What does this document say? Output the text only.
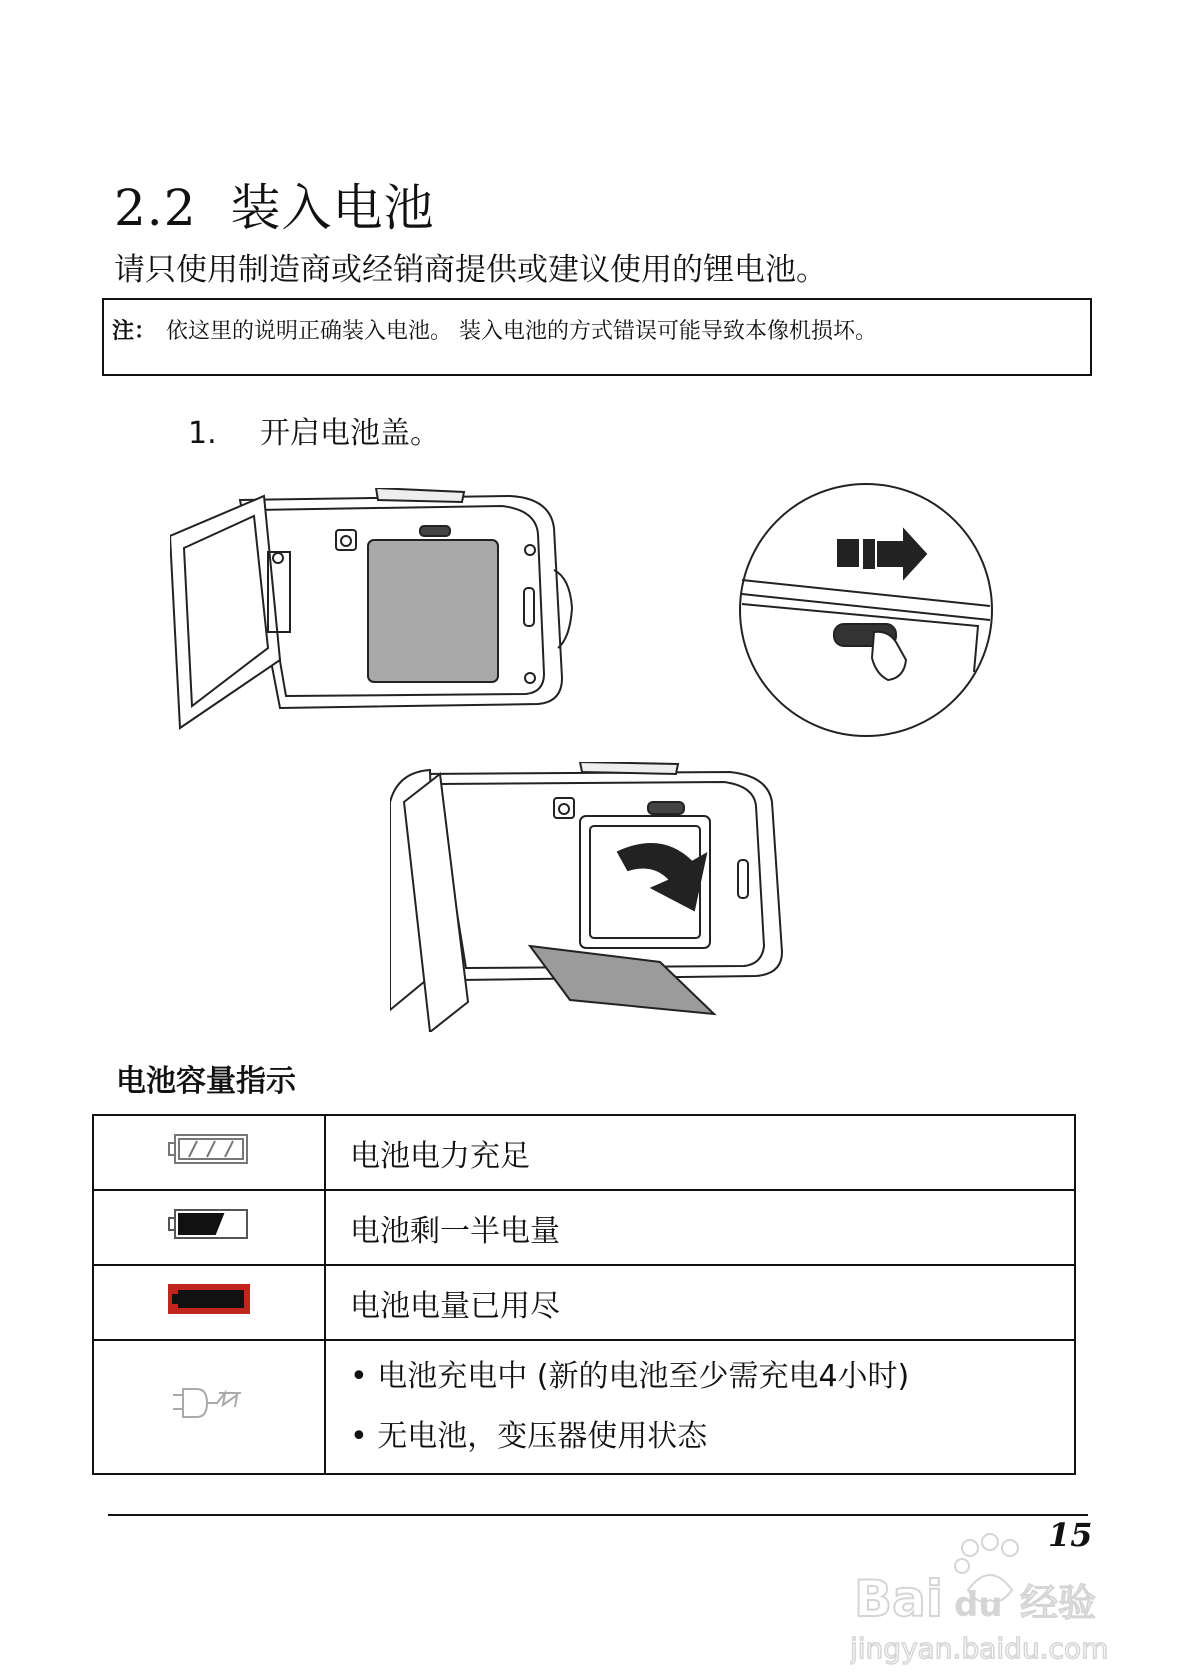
2.2 装入电池
请只使用制造商或经销商提供或建议使用的锂电池。
注： 依这里的说明正确装入电池。 装入电池的方式错误可能导致本像机损坏。
1. 开启电池盖。
电池容量指示
	电池电力充足
	电池剩一半电量
	电池电量已用尽

• 电池充电中 (新的电池至少需充电4小时)
• 无电池，变压器使用状态
15
Bai du 经验
jingyan.baidu.com
